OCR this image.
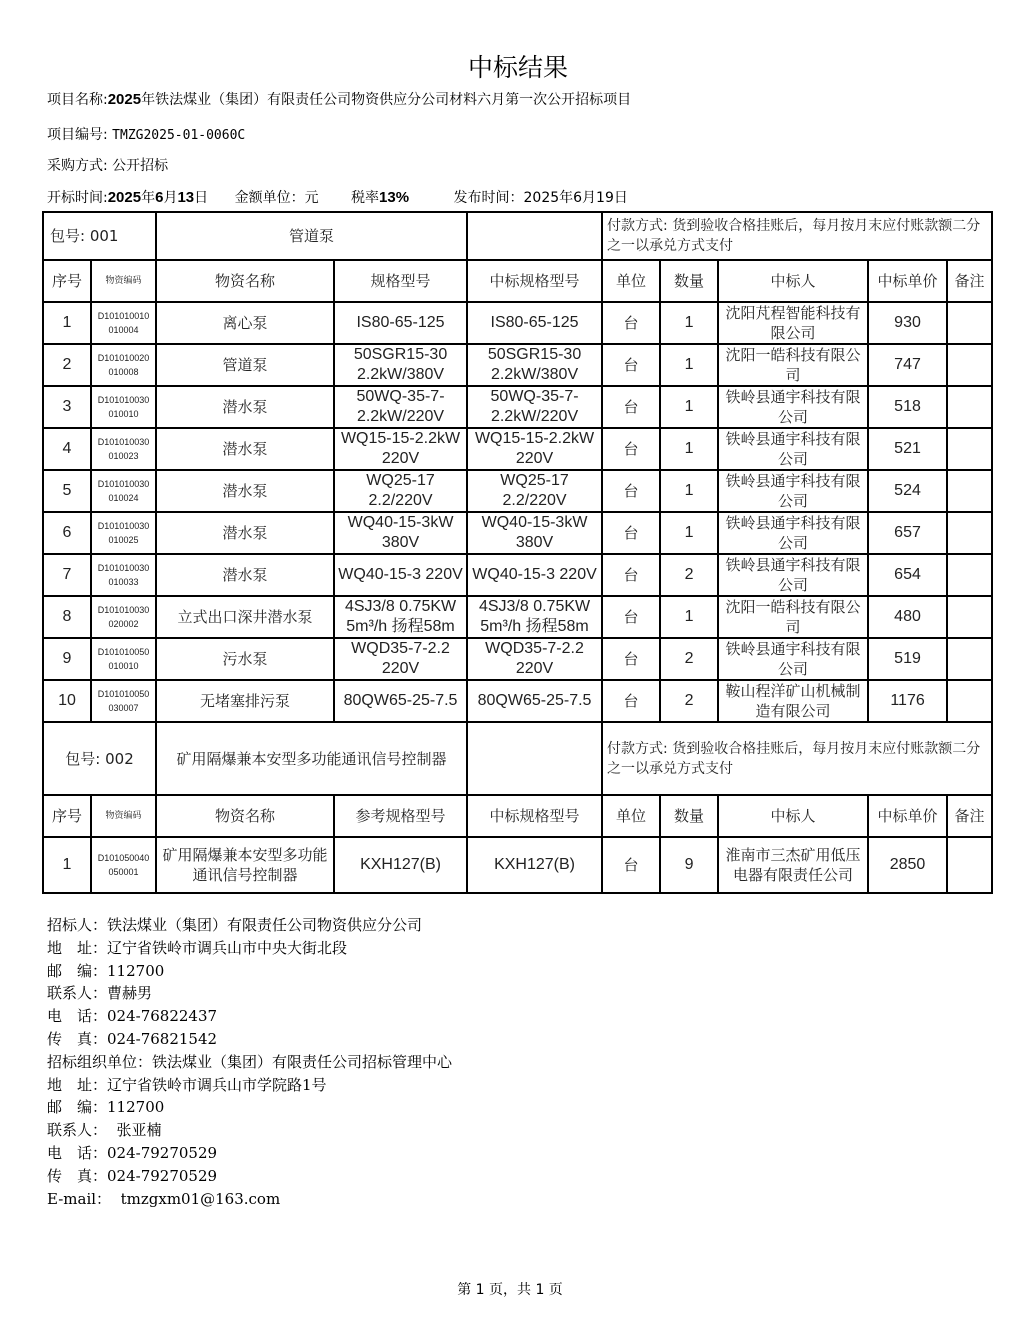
中标结果
项目名称:2025年铁法煤业（集团）有限责任公司物资供应分公司材料六月第一次公开招标项目
项目编号: TMZG2025-01-0060C
采购方式: 公开招标
开标时间:2025年6月13日 金额单位：元 税率13%	发布时间：2025年6月19日
包号: 001		管道泵			付款方式: 货到验收合格挂账后，每月按月末应付账款额二分之一以承兑方式支付				
序号	物资编码	物资名称	规格型号	中标规格型号	单位	数量	中标人	中标单价	备注
1	D101010010 010004	离心泵	IS80-65-125	IS80-65-125	台	1	沈阳芃程智能科技有限公司	930	
2	D101010020 010008	管道泵	50SGR15-30 2.2kW/380V	50SGR15-30 2.2kW/380V	台	1	沈阳一皓科技有限公司	747	
3	D101010030 010010	潜水泵	50WQ-35-7-2.2kW/220V	50WQ-35-7-2.2kW/220V	台	1	铁岭县通宇科技有限公司	518	
4	D101010030 010023	潜水泵	WQ15-15-2.2kW 220V	WQ15-15-2.2kW 220V	台	1	铁岭县通宇科技有限公司	521	
5	D101010030 010024	潜水泵	WQ25-17 2.2/220V	WQ25-17 2.2/220V	台	1	铁岭县通宇科技有限公司	524	
6	D101010030 010025	潜水泵	WQ40-15-3kW 380V	WQ40-15-3kW 380V	台	1	铁岭县通宇科技有限公司	657	
7	D101010030 010033	潜水泵	WQ40-15-3 220V	WQ40-15-3 220V	台	2	铁岭县通宇科技有限公司	654	
8	D101010030 020002	立式出口深井潜水泵	4SJ3/8 0.75KW 5m³/h 扬程58m	4SJ3/8 0.75KW 5m³/h 扬程58m	台	1	沈阳一皓科技有限公司	480	
9	D101010050 010010	污水泵	WQD35-7-2.2 220V	WQD35-7-2.2 220V	台	2	铁岭县通宇科技有限公司	519	
10	D101010050 030007	无堵塞排污泵	80QW65-25-7.5	80QW65-25-7.5	台	2	鞍山程洋矿山机械制造有限公司	1176	
包号: 002		矿用隔爆兼本安型多功能通讯信号控制器			付款方式: 货到验收合格挂账后，每月按月末应付账款额二分之一以承兑方式支付				
序号	物资编码	物资名称	参考规格型号	中标规格型号	单位	数量	中标人	中标单价	备注
1	D101050040 050001	矿用隔爆兼本安型多功能通讯信号控制器	KXH127(B)	KXH127(B)	台	9	淮南市三杰矿用低压电器有限责任公司	2850	
招标人：铁法煤业（集团）有限责任公司物资供应分公司
地　址：辽宁省铁岭市调兵山市中央大街北段
邮　编：112700
联系人：曹赫男
电　话：024-76822437
传　真：024-76821542
招标组织单位：铁法煤业（集团）有限责任公司招标管理中心
地　址：辽宁省铁岭市调兵山市学院路1号
邮　编：112700
联系人：  张亚楠
电　话：024-79270529
传　真：024-79270529
E-mail：  tmzgxm01@163.com
第 1 页，共 1 页
